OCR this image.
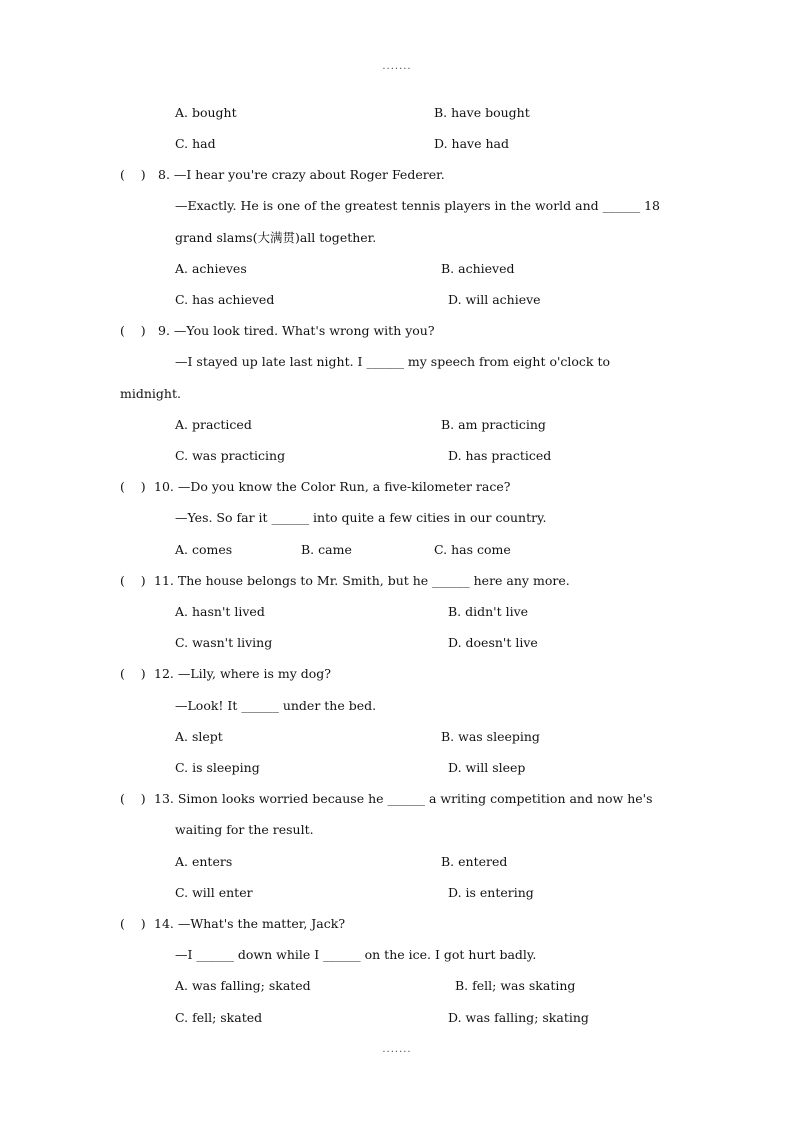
.......
A. bought	B. have bought
C. had	D. have had
(    ) 8. —I hear you're crazy about Roger Federer.
—Exactly. He is one of the greatest tennis players in the world and ______ 18
grand slams(大满贯)all together.
A. achieves	B. achieved
C. has achieved	D. will achieve
(    ) 9. —You look tired. What's wrong with you?
—I stayed up late last night. I ______ my speech from eight o'clock to
midnight.
A. practiced	B. am practicing
C. was practicing	D. has practiced
(    ) 10. —Do you know the Color Run, a five-kilometer race?
—Yes. So far it ______ into quite a few cities in our country.
A. comes	B. came	C. has come
(    ) 11. The house belongs to Mr. Smith, but he ______ here any more.
A. hasn't lived	B. didn't live
C. wasn't living	D. doesn't live
(    ) 12. —Lily, where is my dog?
—Look! It ______ under the bed.
A. slept	B. was sleeping
C. is sleeping	D. will sleep
(    ) 13. Simon looks worried because he ______ a writing competition and now he's
waiting for the result.
A. enters	B. entered
C. will enter	D. is entering
(    ) 14. —What's the matter, Jack?
—I ______ down while I ______ on the ice. I got hurt badly.
A. was falling; skated	B. fell; was skating
C. fell; skated	D. was falling; skating
.......
